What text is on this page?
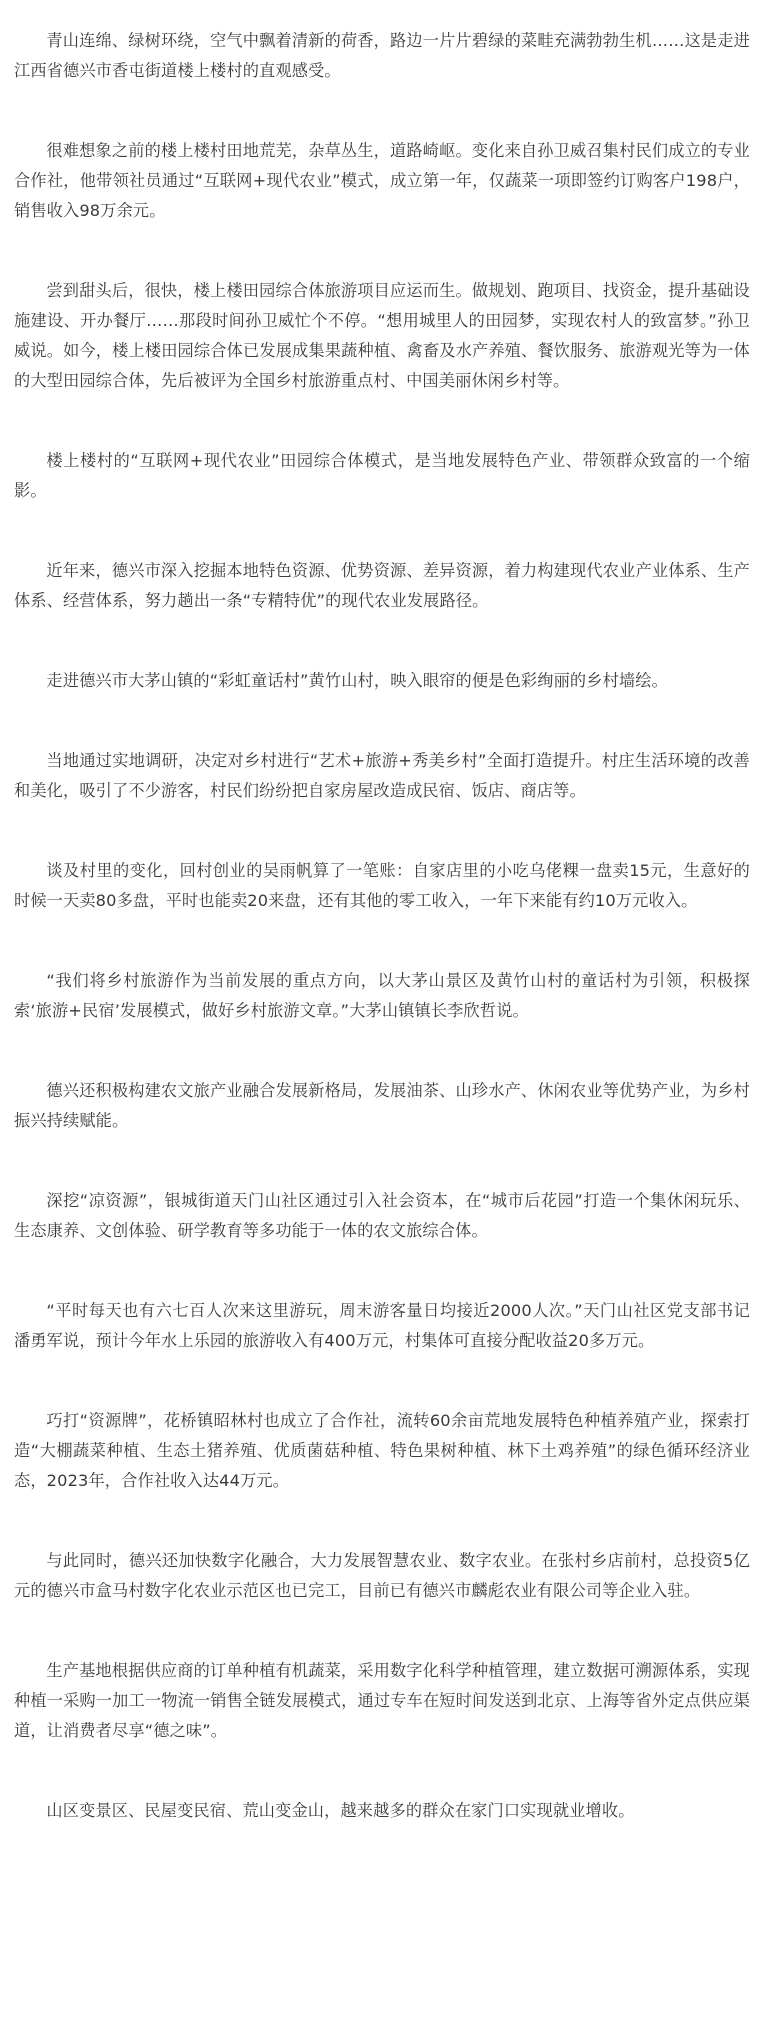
青山连绵、绿树环绕，空气中飘着清新的荷香，路边一片片碧绿的菜畦充满勃勃生机……这是走进江西省德兴市香屯街道楼上楼村的直观感受。

很难想象之前的楼上楼村田地荒芜，杂草丛生，道路崎岖。变化来自孙卫威召集村民们成立的专业合作社，他带领社员通过“互联网+现代农业”模式，成立第一年，仅蔬菜一项即签约订购客户198户，销售收入98万余元。

尝到甜头后，很快，楼上楼田园综合体旅游项目应运而生。做规划、跑项目、找资金，提升基础设施建设、开办餐厅……那段时间孙卫威忙个不停。“想用城里人的田园梦，实现农村人的致富梦。”孙卫威说。如今，楼上楼田园综合体已发展成集果蔬种植、禽畜及水产养殖、餐饮服务、旅游观光等为一体的大型田园综合体，先后被评为全国乡村旅游重点村、中国美丽休闲乡村等。

楼上楼村的“互联网+现代农业”田园综合体模式，是当地发展特色产业、带领群众致富的一个缩影。

近年来，德兴市深入挖掘本地特色资源、优势资源、差异资源，着力构建现代农业产业体系、生产体系、经营体系，努力趟出一条“专精特优”的现代农业发展路径。

走进德兴市大茅山镇的“彩虹童话村”黄竹山村，映入眼帘的便是色彩绚丽的乡村墙绘。

当地通过实地调研，决定对乡村进行“艺术+旅游+秀美乡村”全面打造提升。村庄生活环境的改善和美化，吸引了不少游客，村民们纷纷把自家房屋改造成民宿、饭店、商店等。

谈及村里的变化，回村创业的吴雨帆算了一笔账：自家店里的小吃乌佬粿一盘卖15元，生意好的时候一天卖80多盘，平时也能卖20来盘，还有其他的零工收入，一年下来能有约10万元收入。

“我们将乡村旅游作为当前发展的重点方向，以大茅山景区及黄竹山村的童话村为引领，积极探索‘旅游+民宿’发展模式，做好乡村旅游文章。”大茅山镇镇长李欣哲说。

德兴还积极构建农文旅产业融合发展新格局，发展油茶、山珍水产、休闲农业等优势产业，为乡村振兴持续赋能。

深挖“凉资源”，银城街道天门山社区通过引入社会资本，在“城市后花园”打造一个集休闲玩乐、生态康养、文创体验、研学教育等多功能于一体的农文旅综合体。

“平时每天也有六七百人次来这里游玩，周末游客量日均接近2000人次。”天门山社区党支部书记潘勇军说，预计今年水上乐园的旅游收入有400万元，村集体可直接分配收益20多万元。

巧打“资源牌”，花桥镇昭林村也成立了合作社，流转60余亩荒地发展特色种植养殖产业，探索打造“大棚蔬菜种植、生态土猪养殖、优质菌菇种植、特色果树种植、林下土鸡养殖”的绿色循环经济业态，2023年，合作社收入达44万元。

与此同时，德兴还加快数字化融合，大力发展智慧农业、数字农业。在张村乡店前村，总投资5亿元的德兴市盒马村数字化农业示范区也已完工，目前已有德兴市麟彪农业有限公司等企业入驻。

生产基地根据供应商的订单种植有机蔬菜，采用数字化科学种植管理，建立数据可溯源体系，实现种植一采购一加工一物流一销售全链发展模式，通过专车在短时间发送到北京、上海等省外定点供应渠道，让消费者尽享“德之味”。

山区变景区、民屋变民宿、荒山变金山，越来越多的群众在家门口实现就业增收。
